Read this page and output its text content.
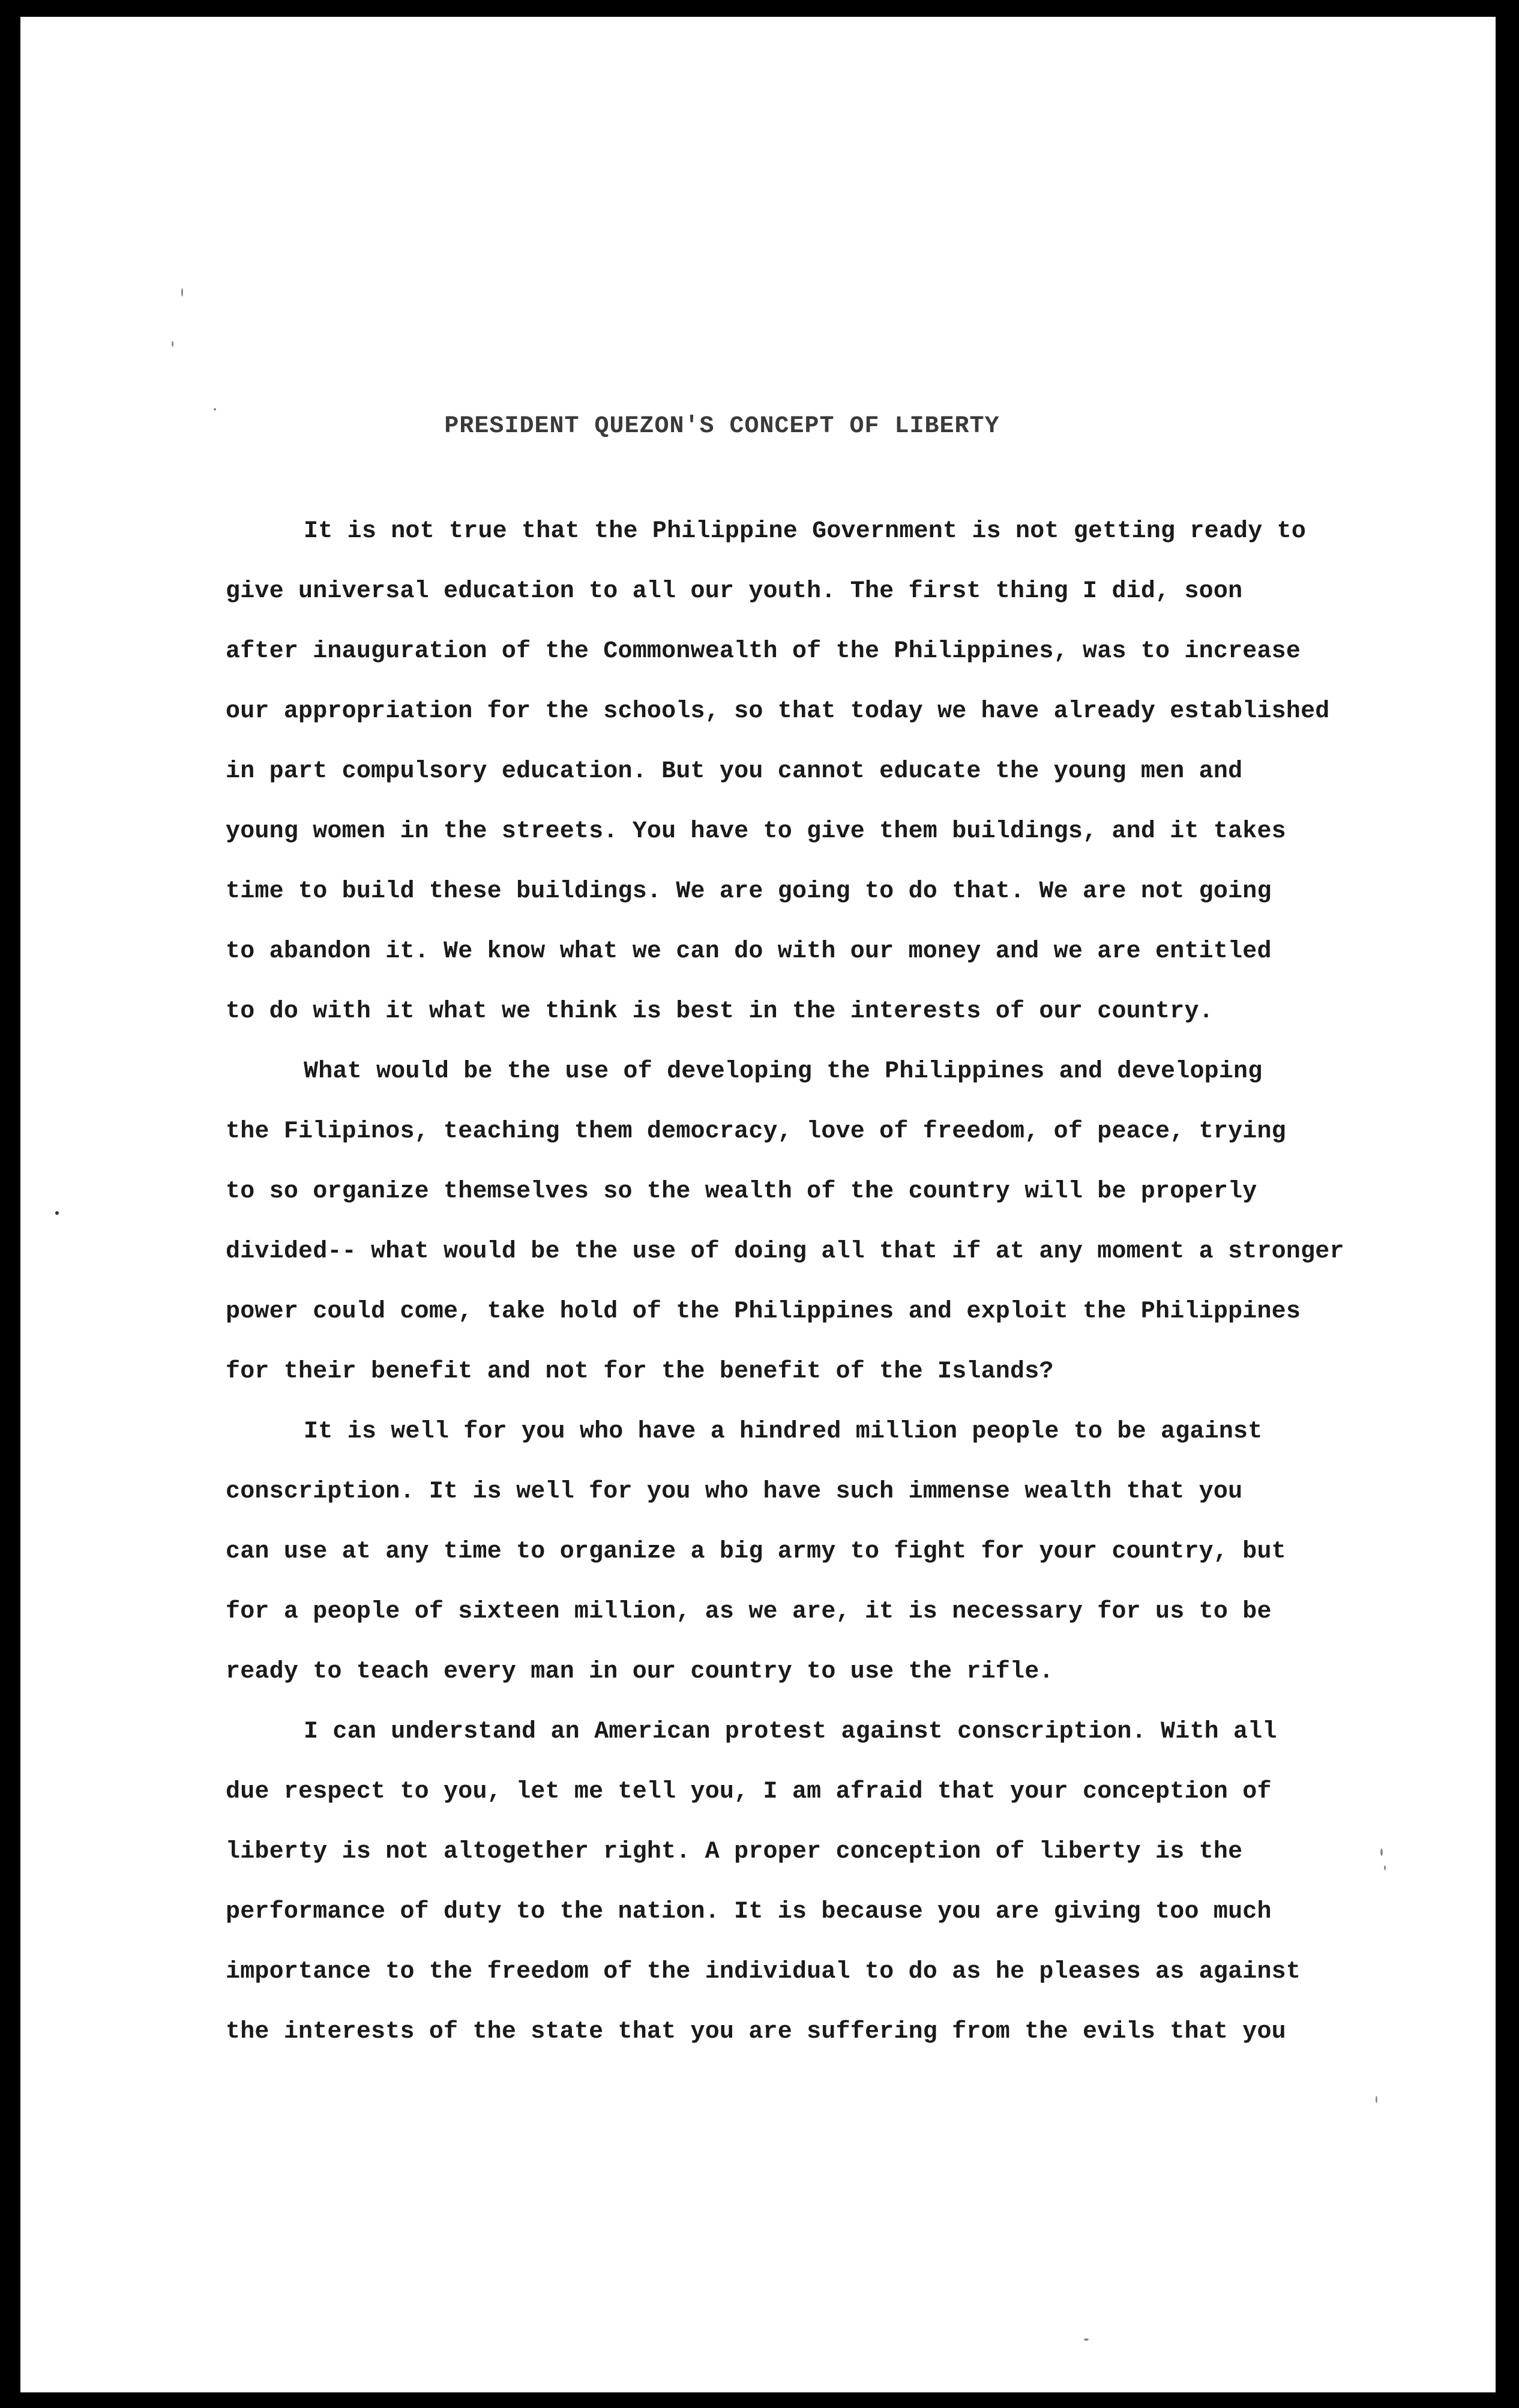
PRESIDENT QUEZON'S CONCEPT OF LIBERTY
It is not true that the Philippine Government is not getting ready to
give universal education to all our youth. The first thing I did, soon
after inauguration of the Commonwealth of the Philippines, was to increase
our appropriation for the schools, so that today we have already established
in part compulsory education. But you cannot educate the young men and
young women in the streets. You have to give them buildings, and it takes
time to build these buildings. We are going to do that. We are not going
to abandon it. We know what we can do with our money and we are entitled
to do with it what we think is best in the interests of our country.
What would be the use of developing the Philippines and developing
the Filipinos, teaching them democracy, love of freedom, of peace, trying
to so organize themselves so the wealth of the country will be properly
divided-- what would be the use of doing all that if at any moment a stronger
power could come, take hold of the Philippines and exploit the Philippines
for their benefit and not for the benefit of the Islands?
It is well for you who have a hindred million people to be against
conscription. It is well for you who have such immense wealth that you
can use at any time to organize a big army to fight for your country, but
for a people of sixteen million, as we are, it is necessary for us to be
ready to teach every man in our country to use the rifle.
I can understand an American protest against conscription. With all
due respect to you, let me tell you, I am afraid that your conception of
liberty is not altogether right. A proper conception of liberty is the
performance of duty to the nation. It is because you are giving too much
importance to the freedom of the individual to do as he pleases as against
the interests of the state that you are suffering from the evils that you
